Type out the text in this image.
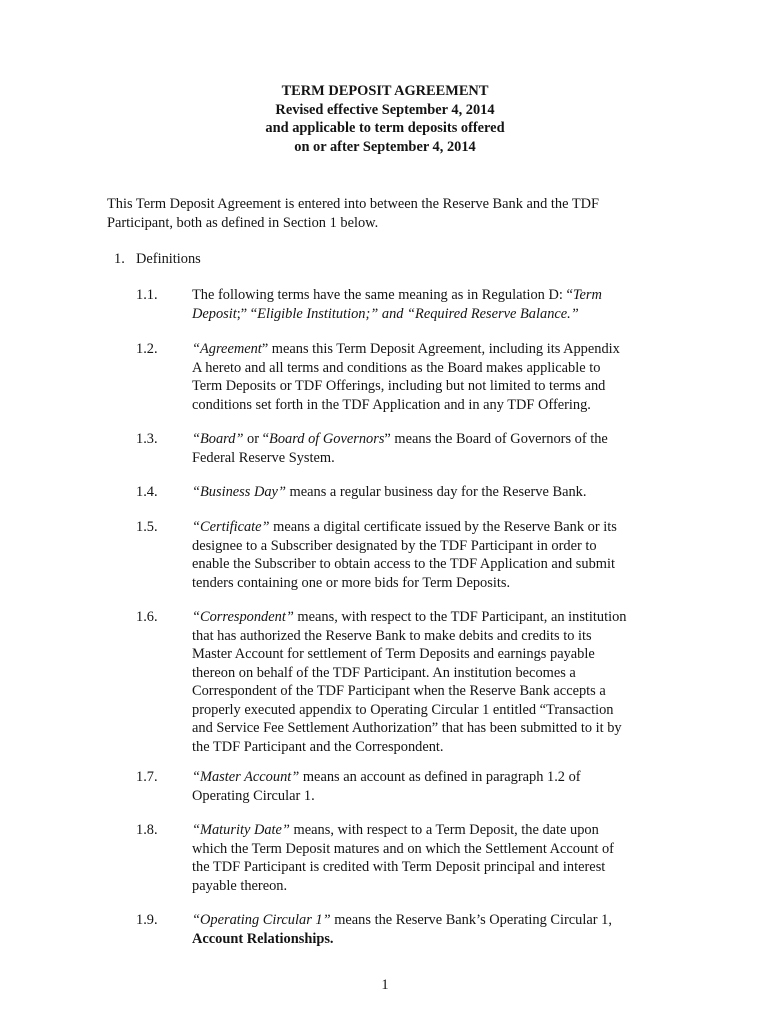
TERM DEPOSIT AGREEMENT
Revised effective September 4, 2014
and applicable to term deposits offered
on or after September 4, 2014
This Term Deposit Agreement is entered into between the Reserve Bank and the TDF
Participant, both as defined in Section 1 below.
1. Definitions
1.1.	The following terms have the same meaning as in Regulation D: “Term
Deposit;” “Eligible Institution;” and “Required Reserve Balance.”
1.2.	“Agreement” means this Term Deposit Agreement, including its Appendix
A hereto and all terms and conditions as the Board makes applicable to
Term Deposits or TDF Offerings, including but not limited to terms and
conditions set forth in the TDF Application and in any TDF Offering.
1.3.	“Board” or “Board of Governors” means the Board of Governors of the
Federal Reserve System.
1.4.	“Business Day” means a regular business day for the Reserve Bank.
1.5.	“Certificate” means a digital certificate issued by the Reserve Bank or its
designee to a Subscriber designated by the TDF Participant in order to
enable the Subscriber to obtain access to the TDF Application and submit
tenders containing one or more bids for Term Deposits.
1.6.	“Correspondent” means, with respect to the TDF Participant, an institution
that has authorized the Reserve Bank to make debits and credits to its
Master Account for settlement of Term Deposits and earnings payable
thereon on behalf of the TDF Participant. An institution becomes a
Correspondent of the TDF Participant when the Reserve Bank accepts a
properly executed appendix to Operating Circular 1 entitled “Transaction
and Service Fee Settlement Authorization” that has been submitted to it by
the TDF Participant and the Correspondent.
1.7.	“Master Account” means an account as defined in paragraph 1.2 of
Operating Circular 1.
1.8.	“Maturity Date” means, with respect to a Term Deposit, the date upon
which the Term Deposit matures and on which the Settlement Account of
the TDF Participant is credited with Term Deposit principal and interest
payable thereon.
1.9.	“Operating Circular 1” means the Reserve Bank’s Operating Circular 1,
Account Relationships.
1
